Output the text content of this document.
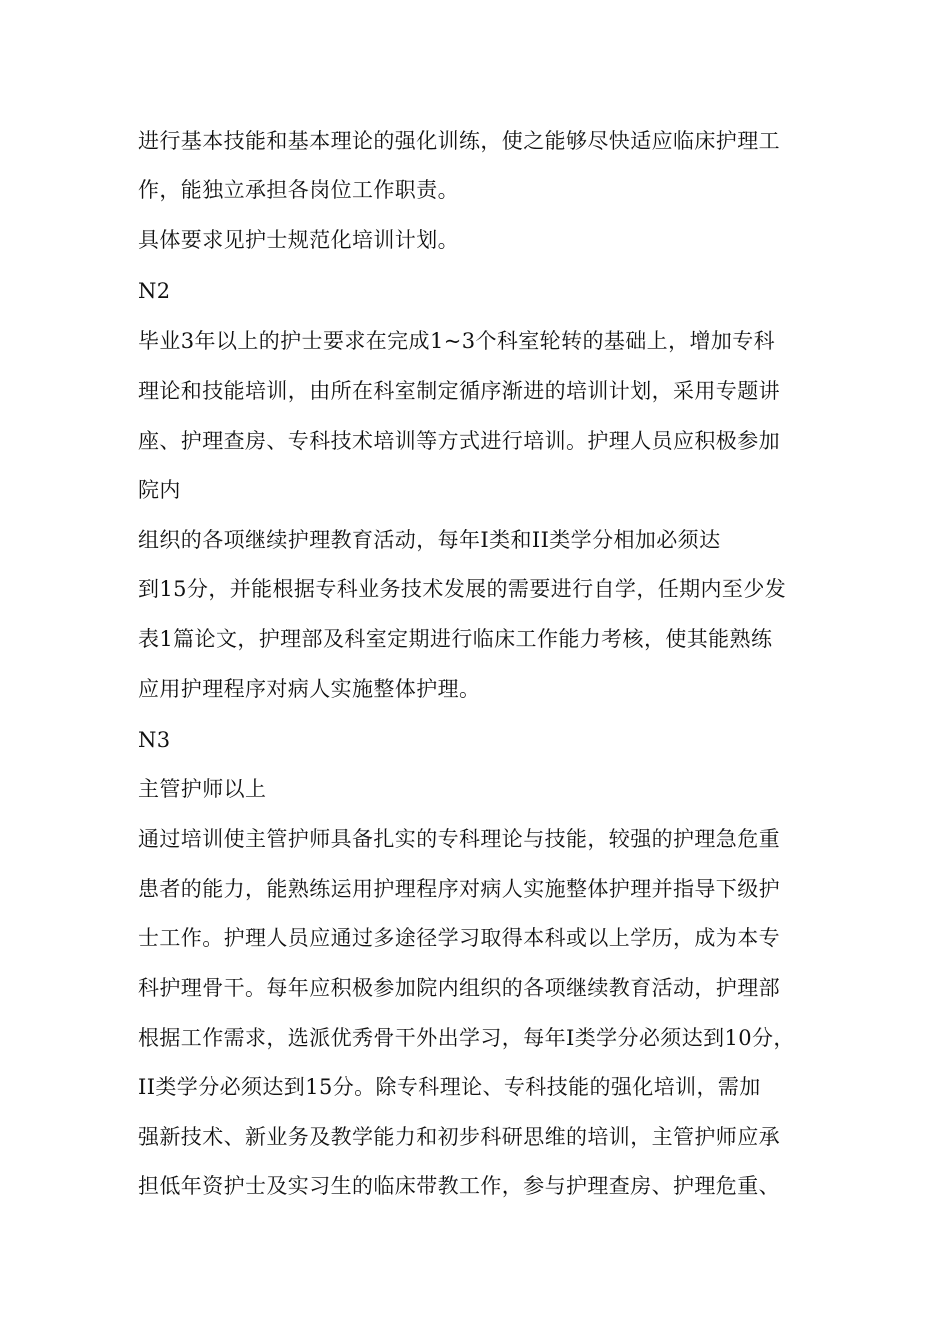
进行基本技能和基本理论的强化训练，使之能够尽快适应临床护理工
作，能独立承担各岗位工作职责。
具体要求见护士规范化培训计划。
N2
毕业3年以上的护士要求在完成1~3个科室轮转的基础上，增加专科
理论和技能培训，由所在科室制定循序渐进的培训计划，采用专题讲
座、护理查房、专科技术培训等方式进行培训。护理人员应积极参加
院内
组织的各项继续护理教育活动，每年I类和II类学分相加必须达
到15分，并能根据专科业务技术发展的需要进行自学，任期内至少发
表1篇论文，护理部及科室定期进行临床工作能力考核，使其能熟练
应用护理程序对病人实施整体护理。
N3
主管护师以上
通过培训使主管护师具备扎实的专科理论与技能，较强的护理急危重
患者的能力，能熟练运用护理程序对病人实施整体护理并指导下级护
士工作。护理人员应通过多途径学习取得本科或以上学历，成为本专
科护理骨干。每年应积极参加院内组织的各项继续教育活动，护理部
根据工作需求，选派优秀骨干外出学习，每年I类学分必须达到10分，
II类学分必须达到15分。除专科理论、专科技能的强化培训，需加
强新技术、新业务及教学能力和初步科研思维的培训，主管护师应承
担低年资护士及实习生的临床带教工作，参与护理查房、护理危重、
